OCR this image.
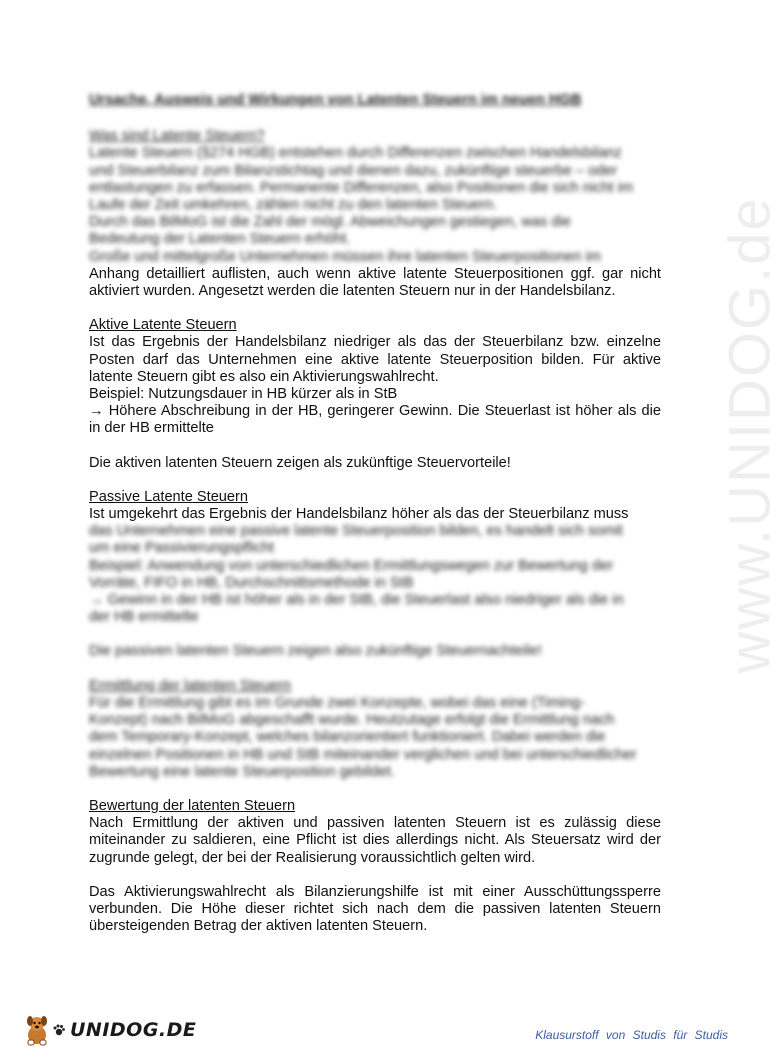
www.UNIDOG.de

Ursache, Ausweis und Wirkungen von Latenten Steuern im neuen HGB

Was sind Latente Steuern?

Latente Steuern (§274 HGB) entstehen durch Differenzen zwischen Handelsbilanz

und Steuerbilanz zum Bilanzstichtag und dienen dazu, zukünftige steuerbe – oder

entlastungen zu erfassen. Permanente Differenzen, also Positionen die sich nicht im

Laufe der Zeit umkehren, zählen nicht zu den latenten Steuern.

Durch das BilMoG ist die Zahl der mögl. Abweichungen gestiegen, was die

Bedeutung der Latenten Steuern erhöht.

Große und mittelgroße Unternehmen müssen ihre latenten Steuerpositionen im

Anhang detailliert auflisten, auch wenn aktive latente Steuerpositionen ggf. gar nicht aktiviert wurden. Angesetzt werden die latenten Steuern nur in der Handelsbilanz.

Aktive Latente Steuern

Ist das Ergebnis der Handelsbilanz niedriger als das der Steuerbilanz bzw. einzelne Posten darf das Unternehmen eine aktive latente Steuerposition bilden. Für aktive latente Steuern gibt es also ein Aktivierungswahlrecht.

Beispiel: Nutzungsdauer in HB kürzer als in StB

→ Höhere Abschreibung in der HB, geringerer Gewinn. Die Steuerlast ist höher als die in der HB ermittelte

Die aktiven latenten Steuern zeigen als zukünftige Steuervorteile!

Passive Latente Steuern

Ist umgekehrt das Ergebnis der Handelsbilanz höher als das der Steuerbilanz muss

das Unternehmen eine passive latente Steuerposition bilden, es handelt sich somit

um eine Passivierungspflicht

Beispiel: Anwendung von unterschiedlichen Ermittlungswegen zur Bewertung der

Vorräte, FIFO in HB, Durchschnittsmethode in StB

→ Gewinn in der HB ist höher als in der StB, die Steuerlast also niedriger als die in

der HB ermittelte

Die passiven latenten Steuern zeigen also zukünftige Steuernachteile!

Ermittlung der latenten Steuern

Für die Ermittlung gibt es im Grunde zwei Konzepte, wobei das eine (Timing-

Konzept) nach BilMoG abgeschafft wurde. Heutzutage erfolgt die Ermittlung nach

dem Temporary-Konzept, welches bilanzorientiert funktioniert. Dabei werden die

einzelnen Positionen in HB und StB miteinander verglichen und bei unterschiedlicher

Bewertung eine latente Steuerposition gebildet.

Bewertung der latenten Steuern

Nach Ermittlung der aktiven und passiven latenten Steuern ist es zulässig diese miteinander zu saldieren, eine Pflicht ist dies allerdings nicht. Als Steuersatz wird der zugrunde gelegt, der bei der Realisierung voraussichtlich gelten wird.

Das Aktivierungswahlrecht als Bilanzierungshilfe ist mit einer Ausschüttungssperre verbunden. Die Höhe dieser richtet sich nach dem die passiven latenten Steuern übersteigenden Betrag der aktiven latenten Steuern.

UNIDOG.DE	Klausurstoff von Studis für Studis
